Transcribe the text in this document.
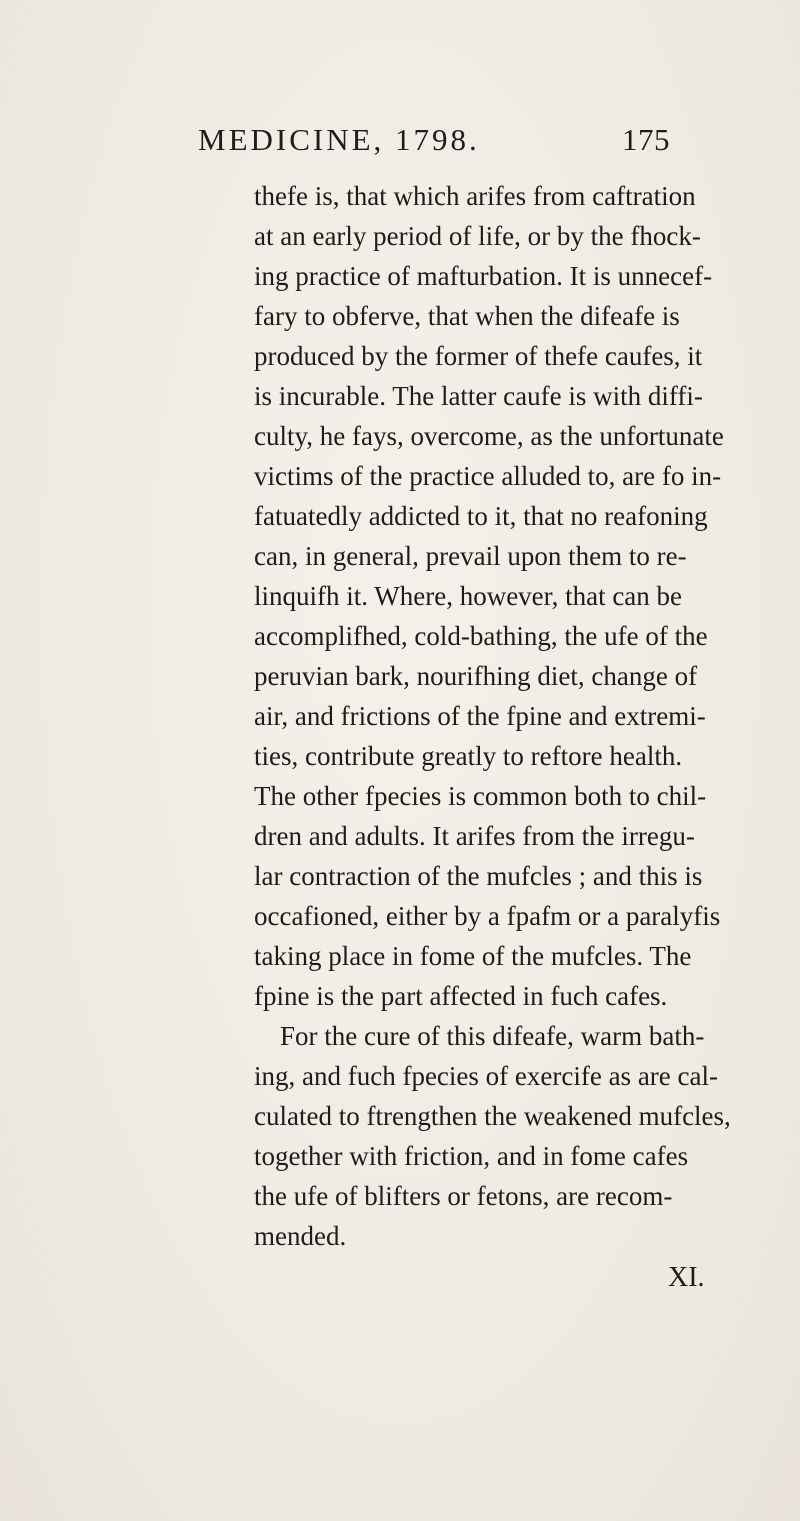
MEDICINE, 1798.	175
thefe is, that which arifes from caftration
at an early period of life, or by the fhock-
ing practice of mafturbation. It is unnecef-
fary to obferve, that when the difeafe is
produced by the former of thefe caufes, it
is incurable. The latter caufe is with diffi-
culty, he fays, overcome, as the unfortunate
victims of the practice alluded to, are fo in-
fatuatedly addicted to it, that no reafoning
can, in general, prevail upon them to re-
linquifh it. Where, however, that can be
accomplifhed, cold-bathing, the ufe of the
peruvian bark, nourifhing diet, change of
air, and frictions of the fpine and extremi-
ties, contribute greatly to reftore health.
The other fpecies is common both to chil-
dren and adults. It arifes from the irregu-
lar contraction of the mufcles ; and this is
occafioned, either by a fpafm or a paralyfis
taking place in fome of the mufcles. The
fpine is the part affected in fuch cafes.
For the cure of this difeafe, warm bath-
ing, and fuch fpecies of exercife as are cal-
culated to ftrengthen the weakened mufcles,
together with friction, and in fome cafes
the ufe of blifters or fetons, are recom-
mended.
XI.
